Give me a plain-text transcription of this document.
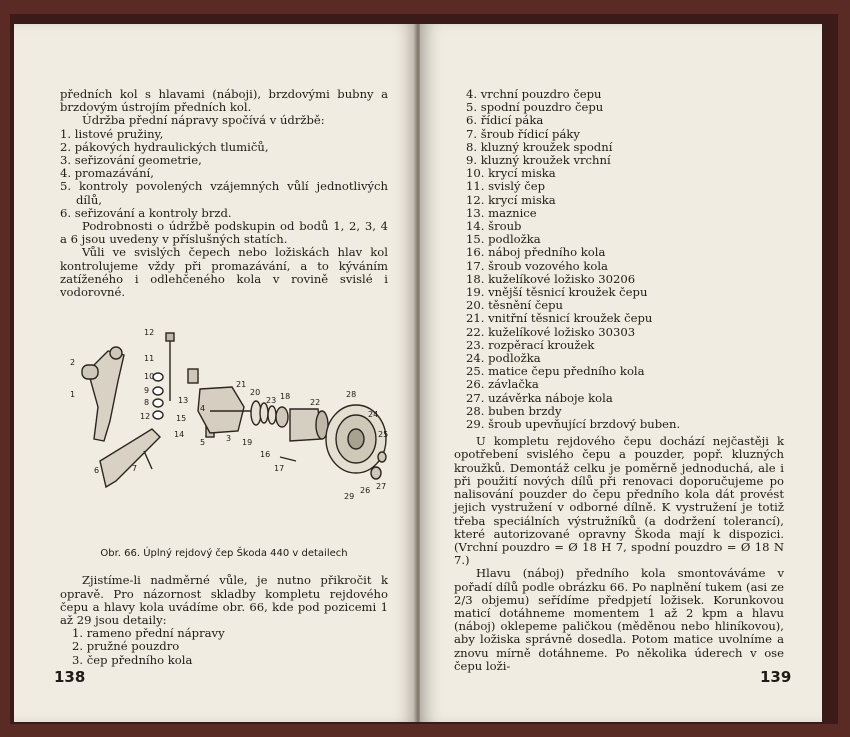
předních kol s hlavami (náboji), brzdovými bubny a brzdovým ústrojím předních kol.

Údržba přední nápravy spočívá v údržbě:

1. listové pružiny,
2. pákových hydraulických tlumičů,
3. seřizování geometrie,
4. promazávání,
5. kontroly povolených vzájemných vůlí jednotlivých dílů,
6. seřizování a kontroly brzd.

Podrobnosti o údržbě podskupin od bodů 1, 2, 3, 4 a 6 jsou uvedeny v příslušných statích.

Vůli ve svislých čepech nebo ložiskách hlav kol kontrolujeme vždy při promazávání, a to kýváním zatíženého i odlehčeného kola v rovině svislé i vodorovné.

12
1
2	11
10
9
8
12
13
15
14
5
4
3
21
20
23 18
19
22
16
17
6	7
28
24
25
26 27
29

Obr. 66. Úplný rejdový čep Škoda 440 v detailech

Zjistíme-li nadměrné vůle, je nutno přikročit k opravě. Pro názornost skladby kompletu rejdového čepu a hlavy kola uvádíme obr. 66, kde pod pozicemi 1 až 29 jsou detaily:

1. rameno přední nápravy
2. pružné pouzdro
3. čep předního kola
138
4. vrchní pouzdro čepu
5. spodní pouzdro čepu
6. řídicí páka
7. šroub řídicí páky
8. kluzný kroužek spodní
9. kluzný kroužek vrchní
10. krycí miska
11. svislý čep
12. krycí miska
13. maznice
14. šroub
15. podložka
16. náboj předního kola
17. šroub vozového kola
18. kuželíkové ložisko 30206
19. vnější těsnicí kroužek čepu
20. těsnění čepu
21. vnitřní těsnicí kroužek čepu
22. kuželíkové ložisko 30303
23. rozpěrací kroužek
24. podložka
25. matice čepu předního kola
26. závlačka
27. uzávěrka náboje kola
28. buben brzdy
29. šroub upevňující brzdový buben.

U kompletu rejdového čepu dochází nejčastěji k opotřebení svislého čepu a pouzder, popř. kluzných kroužků. Demontáž celku je poměrně jednoduchá, ale i při použití nových dílů při renovaci doporučujeme po nalisování pouzder do čepu předního kola dát provést jejich vystružení v odborné dílně. K vystružení je totiž třeba speciálních výstružníků (a dodržení tolerancí), které autorizované opravny Škoda mají k dispozici. (Vrchní pouzdro = Ø 18 H 7, spodní pouzdro = Ø 18 N 7.)

Hlavu (náboj) předního kola smontováváme v pořadí dílů podle obrázku 66. Po naplnění tukem (asi ze 2/3 objemu) seřídíme předpjetí ložisek. Korunkovou maticí dotáhneme momentem 1 až 2 kpm a hlavu (náboj) oklepeme paličkou (měděnou nebo hliníkovou), aby ložiska správně dosedla. Potom matice uvolníme a znovu mírně dotáhneme. Po několika úderech v ose čepu loži-

139
